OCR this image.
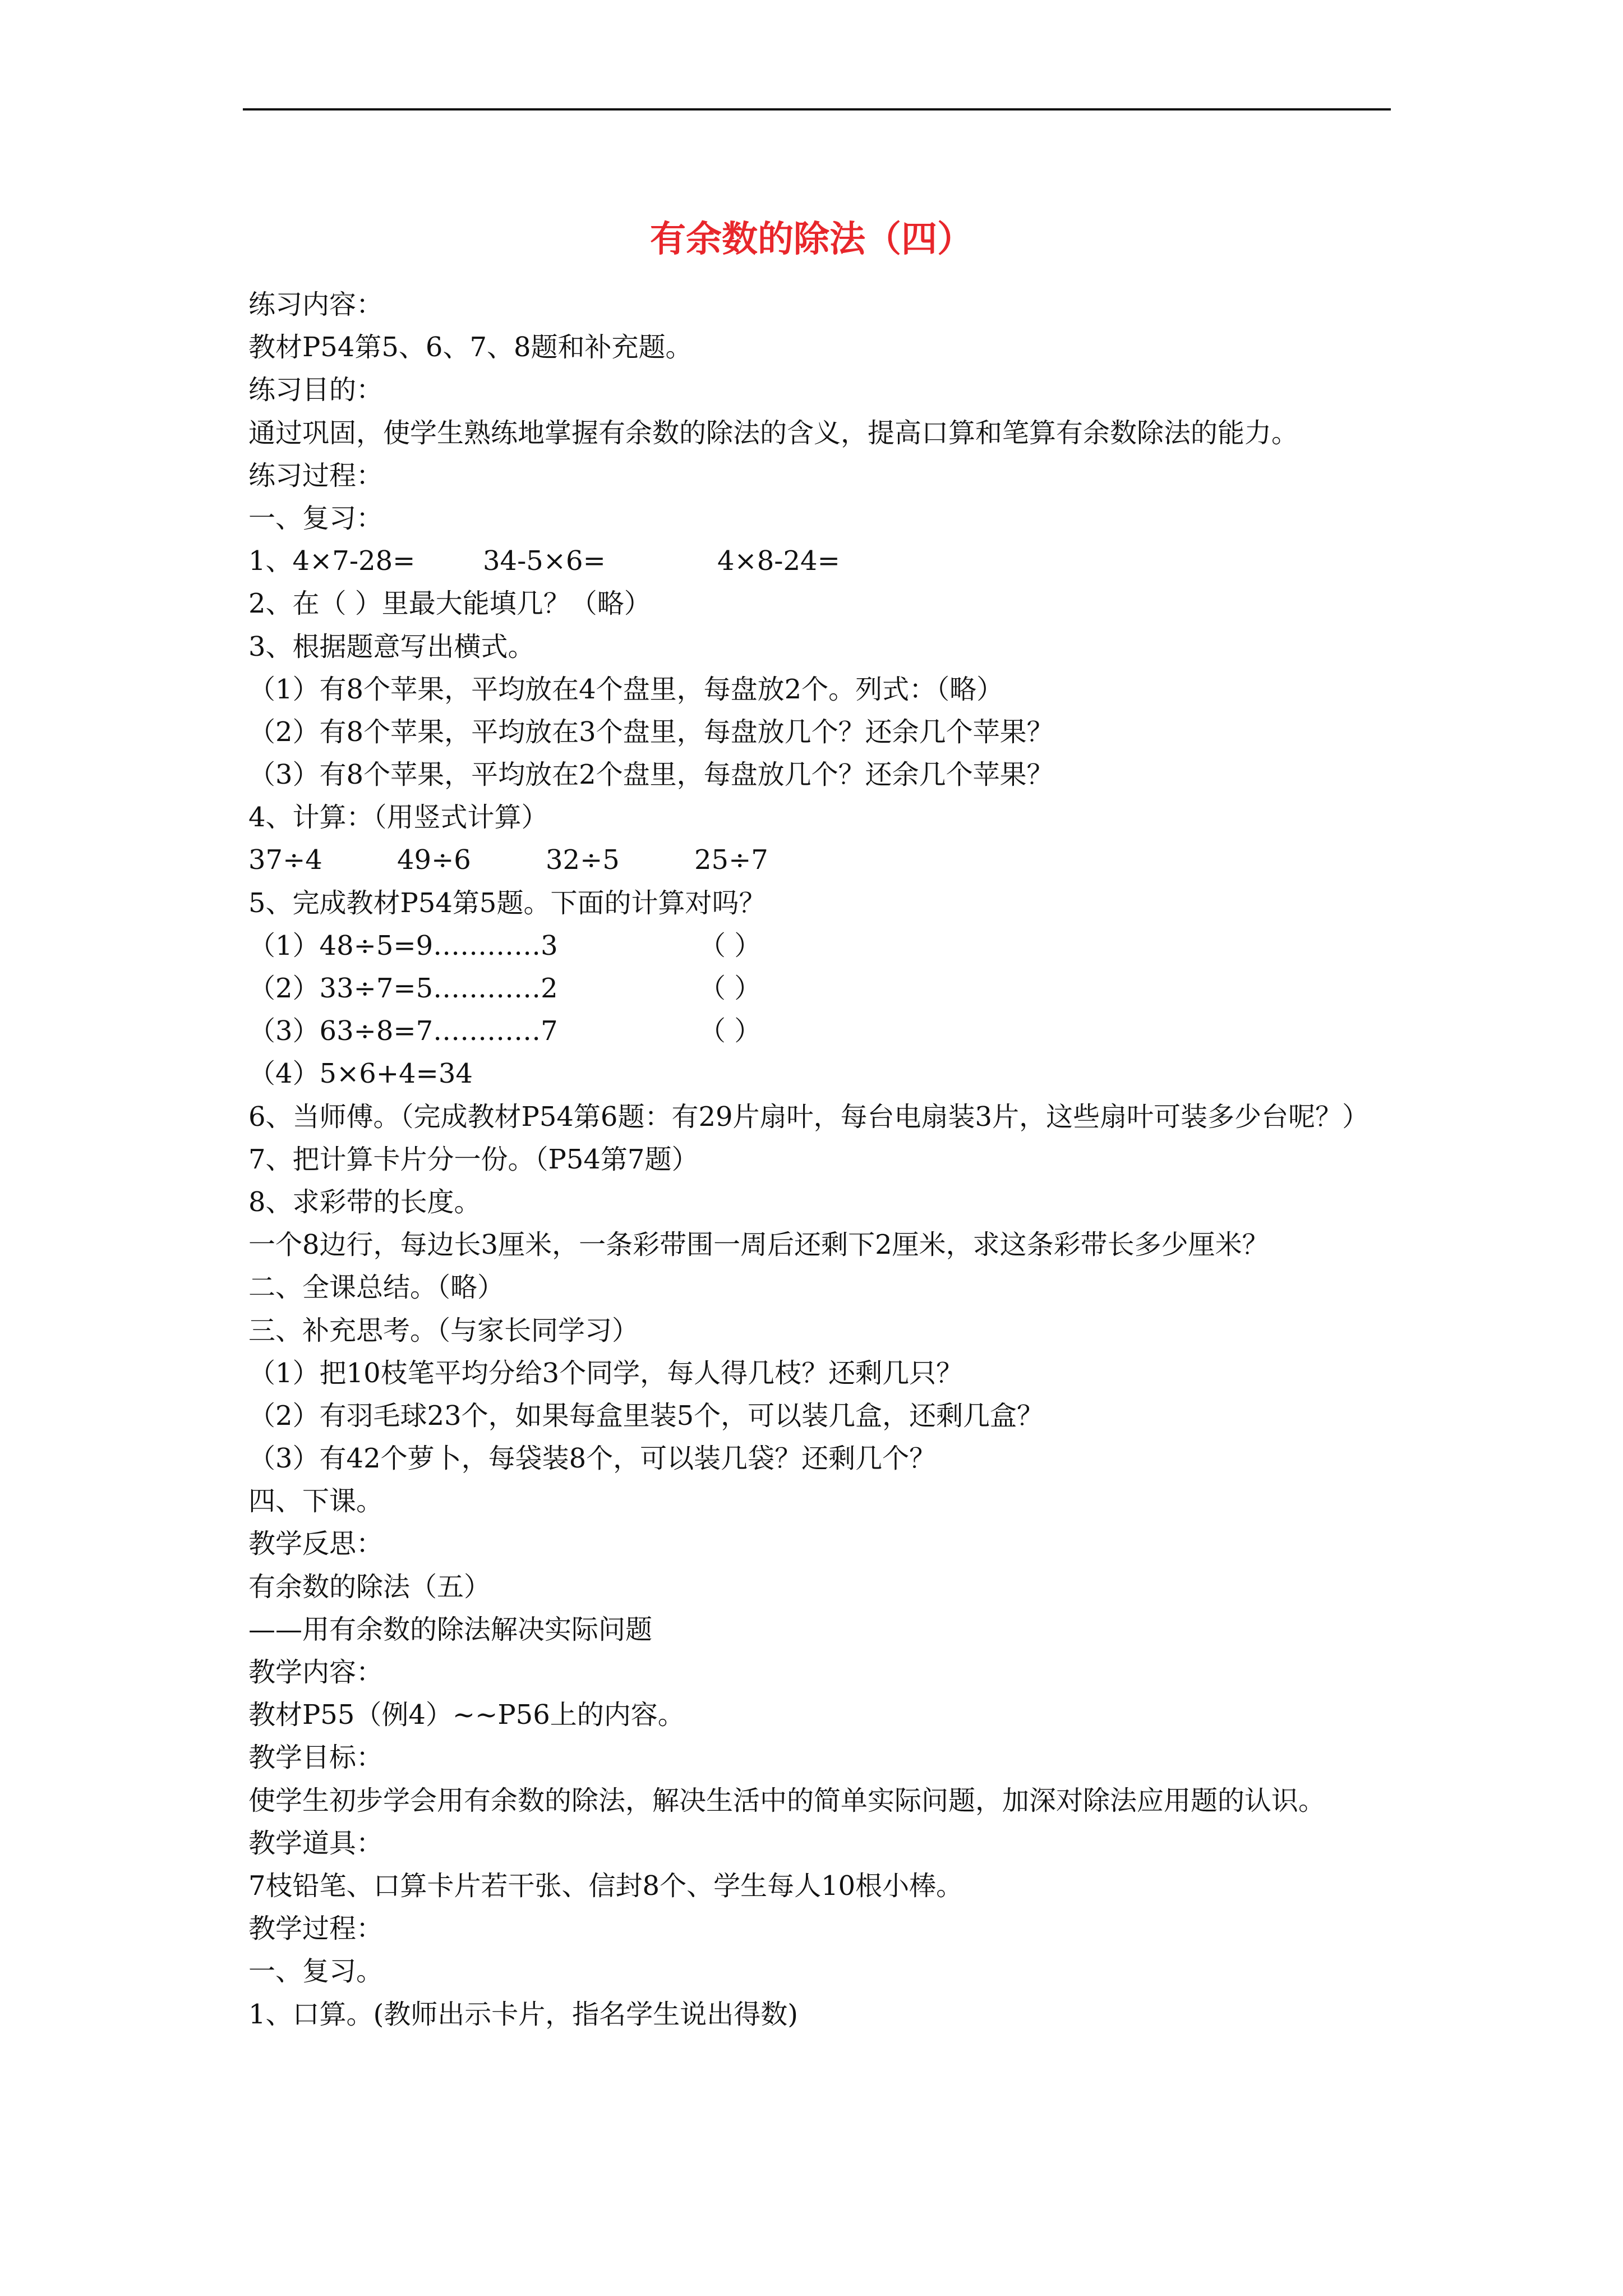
有余数的除法（四）
练习内容：
教材P54第5、6、7、8题和补充题。
练习目的：
通过巩固，使学生熟练地掌握有余数的除法的含义，提高口算和笔算有余数除法的能力。
练习过程：
一、复习：
1、4×7-28=	34-5×6=	4×8-24=
2、在（ ）里最大能填几？（略）
3、根据题意写出横式。
（1）有8个苹果，平均放在4个盘里，每盘放2个。列式：（略）
（2）有8个苹果，平均放在3个盘里，每盘放几个？还余几个苹果？
（3）有8个苹果，平均放在2个盘里，每盘放几个？还余几个苹果？
4、计算：（用竖式计算）
37÷4	49÷6	32÷5	25÷7
5、完成教材P54第5题。下面的计算对吗？
（1）48÷5=9…………3	（ ）
（2）33÷7=5…………2	（ ）
（3）63÷8=7…………7	（ ）
（4）5×6+4=34
6、当师傅。（完成教材P54第6题：有29片扇叶，每台电扇装3片，这些扇叶可装多少台呢？）
7、把计算卡片分一份。（P54第7题）
8、求彩带的长度。
一个8边行，每边长3厘米，一条彩带围一周后还剩下2厘米，求这条彩带长多少厘米？
二、全课总结。（略）
三、补充思考。（与家长同学习）
（1）把10枝笔平均分给3个同学，每人得几枝？还剩几只？
（2）有羽毛球23个，如果每盒里装5个，可以装几盒，还剩几盒？
（3）有42个萝卜，每袋装8个，可以装几袋？还剩几个？
四、下课。
教学反思：
有余数的除法（五）
——用有余数的除法解决实际问题
教学内容：
教材P55（例4）~~P56上的内容。
教学目标：
使学生初步学会用有余数的除法，解决生活中的简单实际问题，加深对除法应用题的认识。
教学道具：
7枝铅笔、口算卡片若干张、信封8个、学生每人10根小棒。
教学过程：
一、复习。
1、口算。(教师出示卡片，指名学生说出得数)
